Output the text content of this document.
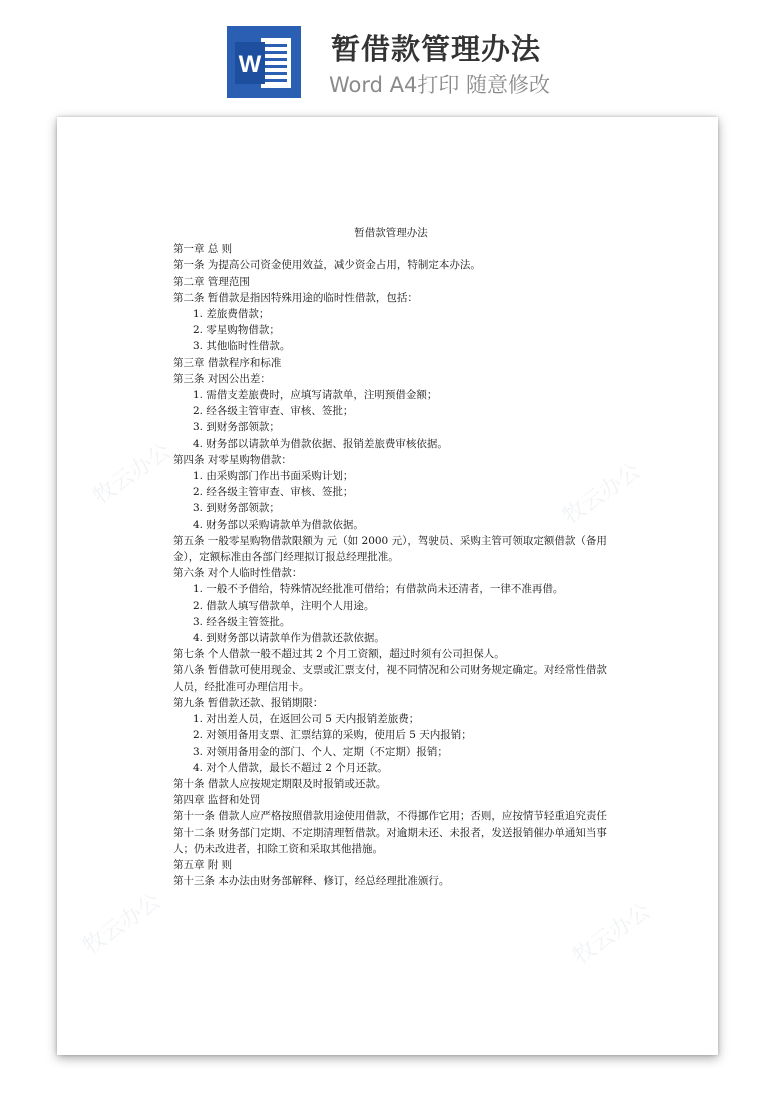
W 暂借款管理办法
Word A4打印 随意修改
牧云办公	牧云办公
牧云办公	牧云办公
暂借款管理办法
第一章 总 则
第一条 为提高公司资金使用效益，减少资金占用，特制定本办法。
第二章 管理范围
第二条 暂借款是指因特殊用途的临时性借款，包括：
1. 差旅费借款；
2. 零星购物借款；
3. 其他临时性借款。
第三章 借款程序和标准
第三条 对因公出差：
1. 需借支差旅费时，应填写请款单，注明预借金额；
2. 经各级主管审查、审核、签批；
3. 到财务部领款；
4. 财务部以请款单为借款依据、报销差旅费审核依据。
第四条 对零星购物借款：
1. 由采购部门作出书面采购计划；
2. 经各级主管审查、审核、签批；
3. 到财务部领款；
4. 财务部以采购请款单为借款依据。
第五条 一般零星购物借款限额为 元（如 2000 元），驾驶员、采购主管可领取定额借款（备用金），定额标准由各部门经理拟订报总经理批准。
第六条 对个人临时性借款：
1. 一般不予借给，特殊情况经批准可借给；有借款尚未还清者，一律不准再借。
2. 借款人填写借款单，注明个人用途。
3. 经各级主管签批。
4. 到财务部以请款单作为借款还款依据。
第七条 个人借款一般不超过其 2 个月工资额，超过时须有公司担保人。
第八条 暂借款可使用现金、支票或汇票支付，视不同情况和公司财务规定确定。对经常性借款人员，经批准可办理信用卡。
第九条 暂借款还款、报销期限：
1. 对出差人员，在返回公司 5 天内报销差旅费；
2. 对领用备用支票、汇票结算的采购，使用后 5 天内报销；
3. 对领用备用金的部门、个人、定期（不定期）报销；
4. 对个人借款，最长不超过 2 个月还款。
第十条 借款人应按规定期限及时报销或还款。
第四章 监督和处罚
第十一条 借款人应严格按照借款用途使用借款，不得挪作它用；否则，应按情节轻重追究责任
第十二条 财务部门定期、不定期清理暂借款。对逾期未还、未报者，发送报销催办单通知当事人；仍未改进者，扣除工资和采取其他措施。
第五章 附 则
第十三条 本办法由财务部解释、修订，经总经理批准颁行。
